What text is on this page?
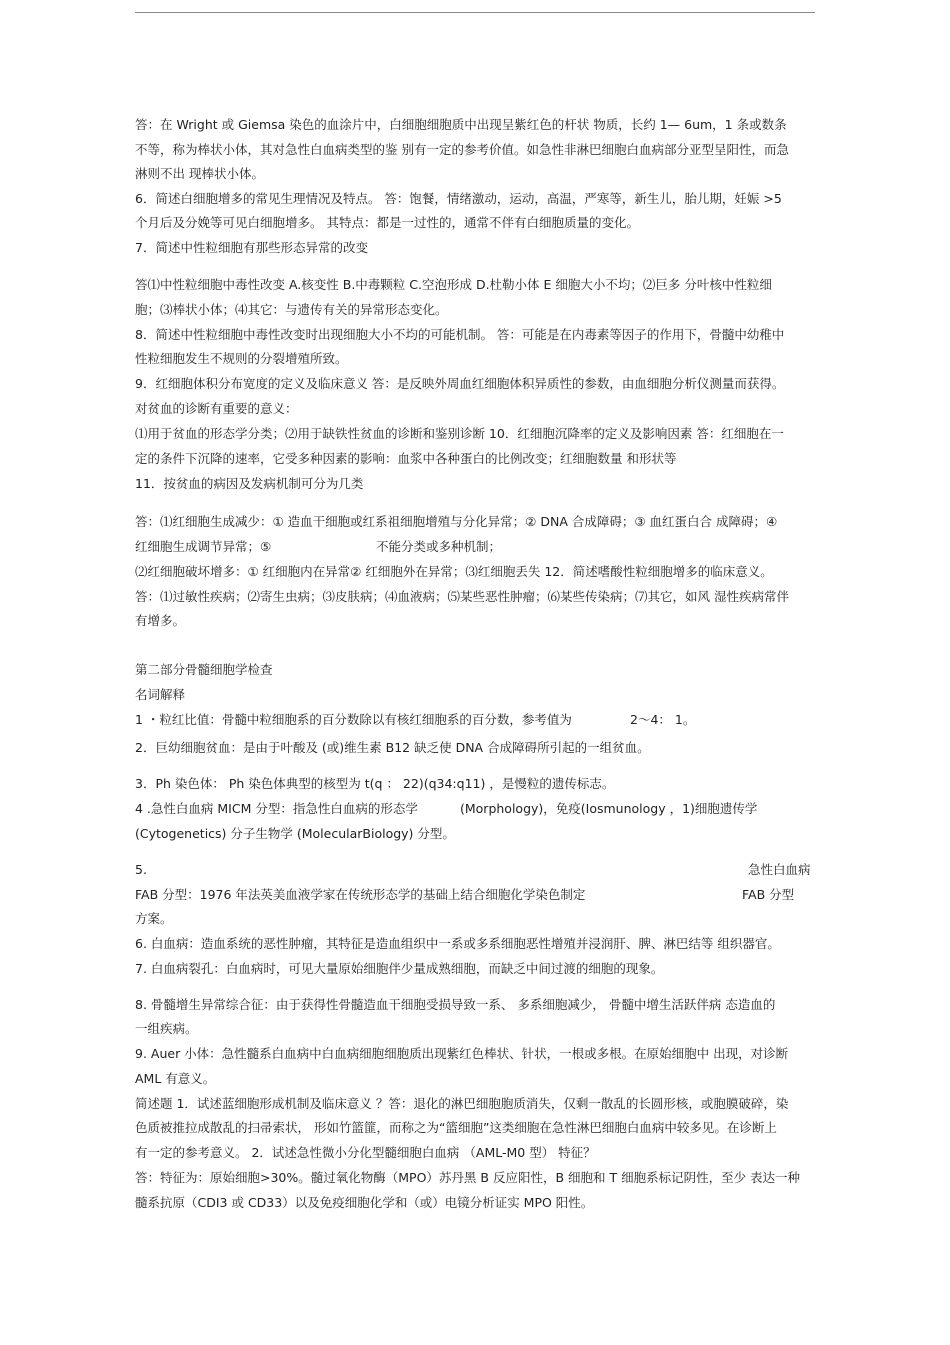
答：在 Wright 或 Giemsa 染色的血涂片中，白细胞细胞质中出现呈紫红色的杆状 物质，长约 1— 6um，1 条或数条
不等，称为棒状小体，其对急性白血病类型的鉴 别有一定的参考价值。如急性非淋巴细胞白血病部分亚型呈阳性，而急
淋则不出 现棒状小体。
6．简述白细胞增多的常见生理情况及特点。 答：饱餐，情绪激动，运动，高温，严寒等，新生儿，胎儿期，妊娠 >5
个月后及分娩等可见白细胞增多。 其特点：都是一过性的，通常不伴有白细胞质量的变化。
7．简述中性粒细胞有那些形态异常的改变
答⑴中性粒细胞中毒性改变 A.核变性 B.中毒颗粒 C.空泡形成 D.杜勒小体 E 细胞大小不均；⑵巨多 分叶核中性粒细
胞；⑶棒状小体；⑷其它：与遗传有关的异常形态变化。
8．简述中性粒细胞中毒性改变时出现细胞大小不均的可能机制。 答：可能是在内毒素等因子的作用下，骨髓中幼稚中
性粒细胞发生不规则的分裂增殖所致。
9．红细胞体积分布宽度的定义及临床意义 答：是反映外周血红细胞体积异质性的参数，由血细胞分析仪测量而获得。
对贫血的诊断有重要的意义：
⑴用于贫血的形态学分类；⑵用于缺铁性贫血的诊断和鉴别诊断 10．红细胞沉降率的定义及影响因素 答：红细胞在一
定的条件下沉降的速率，它受多种因素的影响：血浆中各种蛋白的比例改变；红细胞数量 和形状等
11．按贫血的病因及发病机制可分为几类
答：⑴红细胞生成减少：① 造血干细胞或红系祖细胞增殖与分化异常；② DNA 合成障碍；③ 血红蛋白合 成障碍；④
红细胞生成调节异常；⑤
⑵红细胞破坏增多：① 红细胞内在异常② 红细胞外在异常；⑶红细胞丢失 12．简述嗜酸性粒细胞增多的临床意义。
答：⑴过敏性疾病；⑵寄生虫病；⑶皮肤病；⑷血液病；⑸某些恶性肿瘤；⑹某些传染病；⑺其它，如风 湿性疾病常伴
有增多。
第二部分骨髓细胞学检查
名词解释
1 ・粒红比值：骨髓中粒细胞系的百分数除以有核红细胞系的百分数，参考值为
2．巨幼细胞贫血：是由于叶酸及 (或)维生素 B12 缺乏使 DNA 合成障碍所引起的一组贫血。
3．Ph 染色体： Ph 染色体典型的核型为 t(q ： 22)(q34:q11) ，是慢粒的遗传标志。
4 .急性白血病 MICM 分型：指急性白血病的形态学
(Cytogenetics) 分子生物学 (MolecularBiology) 分型。
5.
FAB 分型：1976 年法英美血液学家在传统形态学的基础上结合细胞化学染色制定
方案。
6. 白血病：造血系统的恶性肿瘤，其特征是造血组织中一系或多系细胞恶性增殖并浸润肝、脾、淋巴结等 组织器官。
7. 白血病裂孔：白血病时，可见大量原始细胞伴少量成熟细胞，而缺乏中间过渡的细胞的现象。
8. 骨髓增生异常综合征：由于获得性骨髓造血干细胞受损导致一系、 多系细胞减少， 骨髓中增生活跃伴病 态造血的
一组疾病。
9. Auer 小体：急性髓系白血病中白血病细胞细胞质出现紫红色棒状、针状，一根或多根。在原始细胞中 出现，对诊断
AML 有意义。
简述题 1．试述蓝细胞形成机制及临床意义 ？答：退化的淋巴细胞胞质消失，仅剩一散乱的长圆形核，或胞膜破碎，染
色质被推拉成散乱的扫帚索状， 形如竹篮篚，而称之为“篮细胞”这类细胞在急性淋巴细胞白血病中较多见。在诊断上
有一定的参考意义。 2．试述急性微小分化型髓细胞白血病 （AML-M0 型） 特征？
答：特征为：原始细胞>30%。髓过氧化物酶（MPO）苏丹黑 B 反应阳性，B 细胞和 T 细胞系标记阴性，至少 表达一种
髓系抗原（CDI3 或 CD33）以及免疫细胞化学和（或）电镜分析证实 MPO 阳性。
不能分类或多种机制；
2～4： 1。
(Morphology)，免疫(Iosmunology ，1)细胞遗传学
急性白血病
FAB 分型
